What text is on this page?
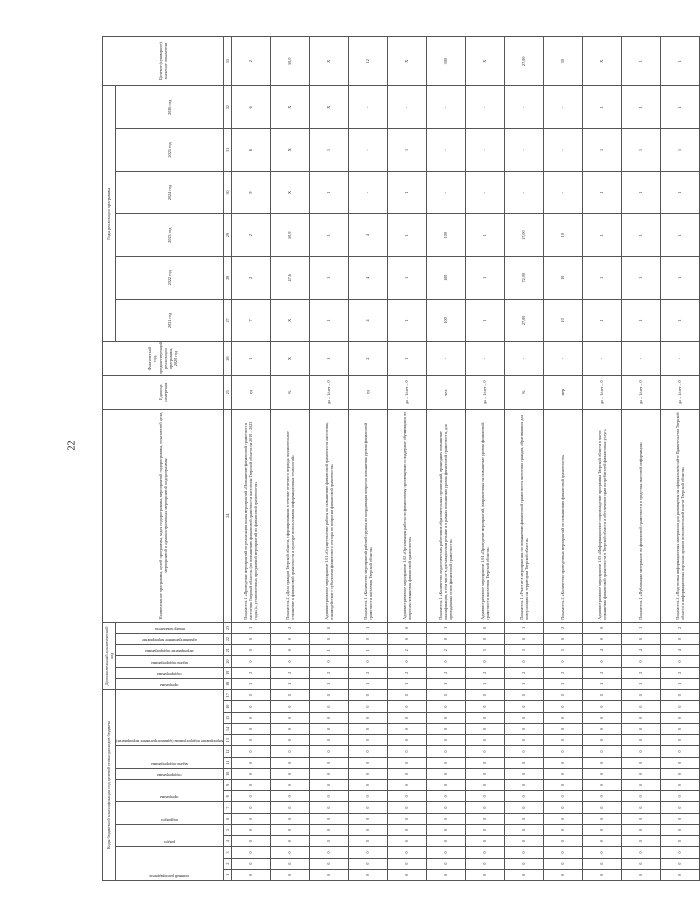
22
Коды бюджетной классификации под целевой статьи расходов бюджета																	Дополнительный аналитический код						Наименование программы, целей программы, задач подпрограммы, мероприятий подпрограммы, показателей цели, мероприятий и административных мероприятий подпрограммы	Единица измерения	Фактический год, предшествующий реализации программы, 2020 год	Годы реализации программы						Целевое (суммарное) значение показателя

главный распорядитель			раздел		подраздел		программа		подпрограмма	задача подпрограммы		мероприятие подпрограммы (административное мероприятие)					программа	подпрограмма	задача подпрограммы	мероприятие подпрограммы	административное мероприятие	номер показателя				2021 год	2022 год	2023 год	2024 год	2025 год	2026 год	
1	2	3	4	5	6	7	8	9	10	11	12	13	14	15	16	17	18	19	20	21	22	23	24	25	26	27	28	29	30	31	32	33
0	0	0	0	0	0	0	0	0	0	0	0	0	0	0	0	0	1	2	0	0	0	1	Показатель 1 «Проведение мероприятий по реализации плана мероприятий «Повышение финансовой грамотности населения Тверской области» (по повышению финансовой грамотности населения Тверской области на 2019 – 2023 годы»)», установленных программой мероприятий по финансовой грамотности»	ед	1	7	2	2	9	6	6	2
0	0	0	0	0	0	0	0	0	0	0	0	0	0	0	0	0	1	2	0	0	0	2	Показатель 2 «Доля граждан Тверской области, сформировавших в течение отчетного периода положительное отношение к финансовой грамотности и культуре использования информационных технологий»	%	Х	Х	47,6	50,9	Х	Х	Х	50,0
0	0	0	0	0	0	0	0	0	0	0	0	0	0	0	0	0	1	2	0	1	0	0	Административное мероприятие 1.01 «Осуществление работы по повышению финансовой грамотности населения, взаимодействие с субъектами финансового сектора по вопросам финансовой грамотности»	да – 1/нет – 0	1	1	1	1	1	1	Х	Х
0	0	0	0	0	0	0	0	0	0	0	0	0	0	0	0	0	1	2	0	1	0	1	Показатель 1 «Количество мероприятий рабочей группы по координации вопросов повышения уровня финансовой грамотности населения Тверской области»	ед	2	4	4	4	-	-	-	12
0	0	0	0	0	0	0	0	0	0	0	0	0	0	0	0	0	1	2	0	2	0	0	Административное мероприятие 1.02 «Организация работы по финансовому просвещению и поддержке обучающихся по вопросам повышения финансовой грамотности»	да – 1/нет – 0	1	1	1	1	1	1	-	Х
0	0	0	0	0	0	0	0	0	0	0	0	0	0	0	0	0	1	2	0	2	0	1	Показатель 1 «Количество педагогических работников образовательных организаций, прошедших повышение квалификации, в том числе в дистанционном режиме и в рамках повышения уровня финансовой грамотности, для преподавания основ финансовой грамотности»	чел.	-	100	100	100	-	-	-	300
0	0	0	0	0	0	0	0	0	0	0	0	0	0	0	0	0	1	2	0	3	0	0	Административное мероприятие 1.04 «Проведение мероприятий, направленных на повышение уровня финансовой грамотности населения Тверской области»	да – 1/нет – 0	-	1	1	1	-	-	-	Х
0	0	0	0	0	0	0	0	0	0	0	0	0	0	0	0	0	1	2	0	3	0	1	Показатель 1 «Участие в мероприятиях по повышению финансовой грамотности населения граждан, обратившихся для консультации на территории Тверской области»	%	-	27,00	72,00	17,00	-	-	-	27,00
0	0	0	0	0	0	0	0	0	0	0	0	0	0	0	0	0	1	2	0	3	0	2	Показатель 2 «Количество проведенных мероприятий по повышению финансовой грамотности»	мер	-	10	10	10	-	-	-	30
0	0	0	0	0	0	0	0	0	0	0	0	0	0	0	0	0	1	2	0	4	0	0	Административное мероприятие 1.05 «Информационное сопровождение программы Тверской области в части повышения финансовой грамотности в Тверской области и обеспечение прав потребителей финансовых услуг»	да – 1/нет – 0	-	1	1	1	1	1	1	Х
0	0	0	0	0	0	0	0	0	0	0	0	0	0	0	0	0	1	2	0	4	0	1	Показатель 1 «Публикация материалов по финансовой грамотности в средствах массовой информации»	да – 1/нет – 0	-	1	1	1	1	1	1	1
0	0	0	0	0	0	0	0	0	0	0	0	0	0	0	0	0	1	2	0	4	0	2	Показатель 2 «Подготовка информационных материалов для размещения на официальном сайте Правительства Тверской области и информационных порталах органов исполнительной власти Тверской области»	да – 1/нет – 0	-	1	1	1	1	1	1	1
